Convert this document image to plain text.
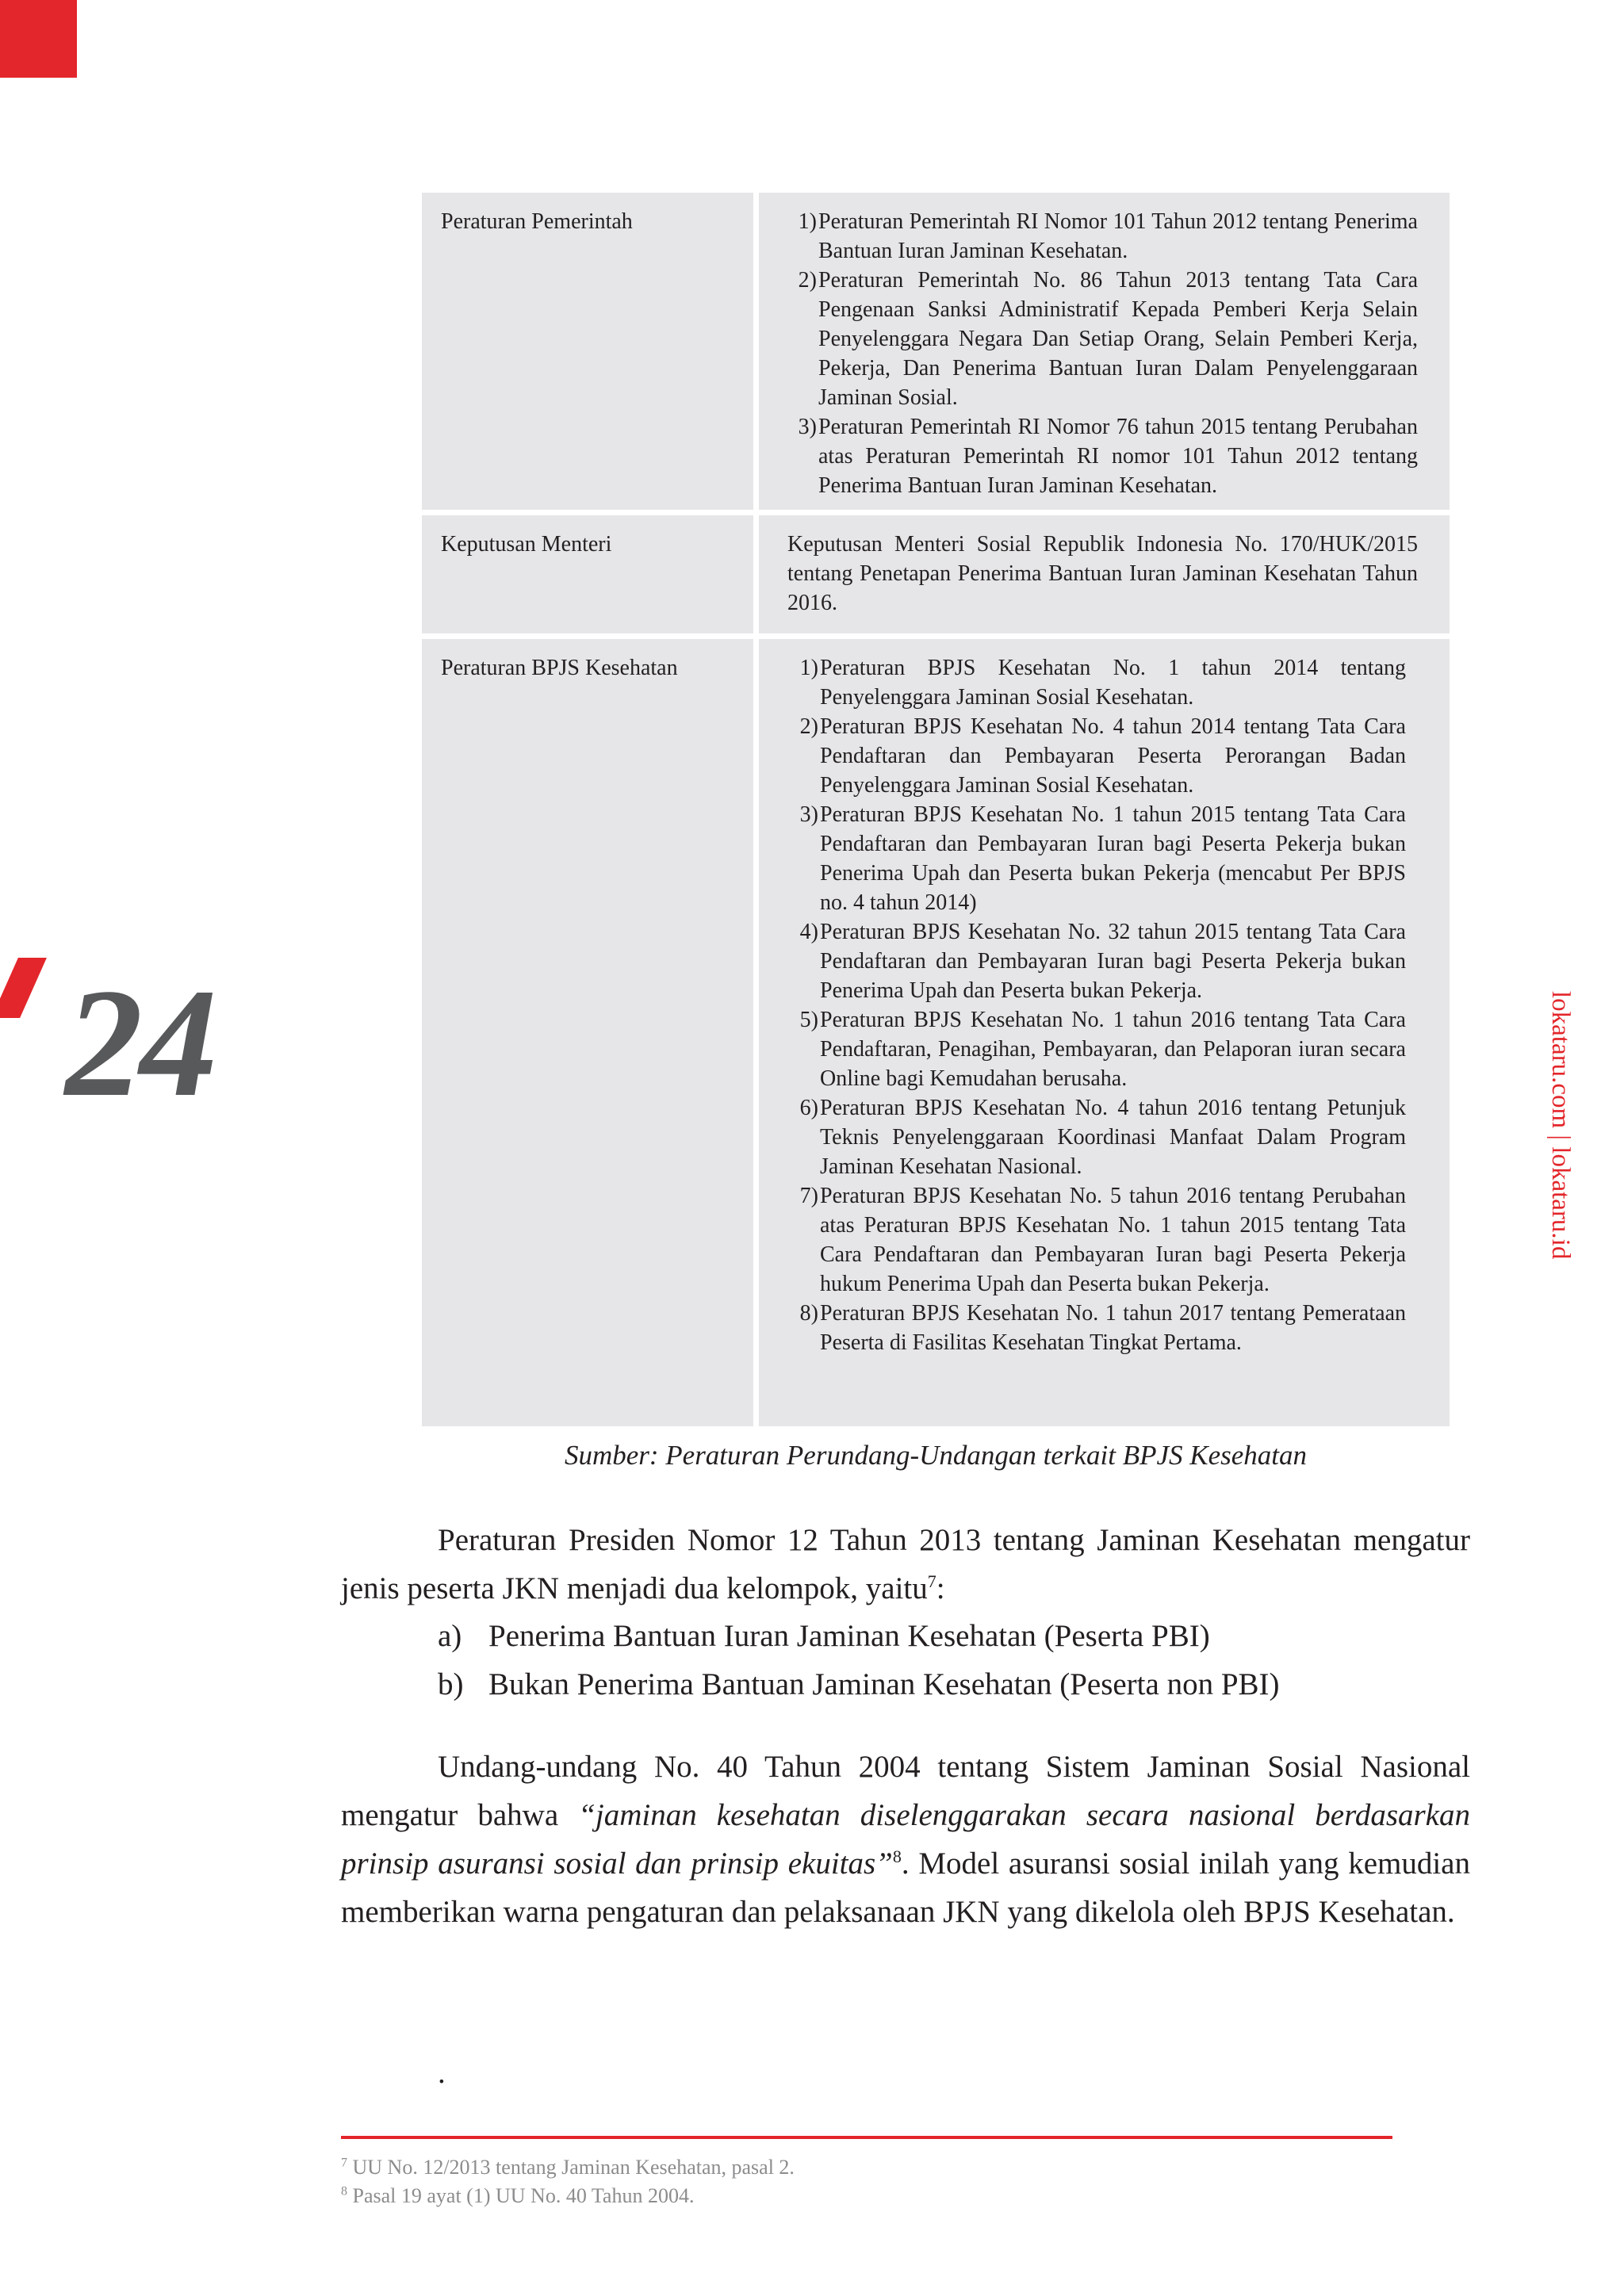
24	lokataru.com | lokataru.id
Peraturan Pemerintah	1) Peraturan Pemerintah RI Nomor 101 Tahun 2012 tentang Penerima Bantuan Iuran Jaminan Kesehatan.
2) Peraturan Pemerintah No. 86 Tahun 2013 tentang Tata Cara Pengenaan Sanksi Administratif Kepada Pemberi Kerja Selain Penyelenggara Negara Dan Setiap Orang, Selain Pemberi Kerja, Pekerja, Dan Penerima Bantuan Iuran Dalam Penyelenggaraan Jaminan Sosial.
3) Peraturan Pemerintah RI Nomor 76 tahun 2015 tentang Perubahan atas Peraturan Pemerintah RI nomor 101 Tahun 2012 tentang Penerima Bantuan Iuran Jaminan Kesehatan.
Keputusan Menteri	Keputusan Menteri Sosial Republik Indonesia No. 170/HUK/2015 tentang Penetapan Penerima Bantuan Iuran Jaminan Kesehatan Tahun 2016.
Peraturan BPJS Kesehatan	1) Peraturan BPJS Kesehatan No. 1 tahun 2014 tentang Penyelenggara Jaminan Sosial Kesehatan.
2) Peraturan BPJS Kesehatan No. 4 tahun 2014 tentang Tata Cara Pendaftaran dan Pembayaran Peserta Perorangan Badan Penyelenggara Jaminan Sosial Kesehatan.
3) Peraturan BPJS Kesehatan No. 1 tahun 2015 tentang Tata Cara Pendaftaran dan Pembayaran Iuran bagi Peserta Pekerja bukan Penerima Upah dan Peserta bukan Pekerja (mencabut Per BPJS no. 4 tahun 2014)
4) Peraturan BPJS Kesehatan No. 32 tahun 2015 tentang Tata Cara Pendaftaran dan Pembayaran Iuran bagi Peserta Pekerja bukan Penerima Upah dan Peserta bukan Pekerja.
5) Peraturan BPJS Kesehatan No. 1 tahun 2016 tentang Tata Cara Pendaftaran, Penagihan, Pembayaran, dan Pelaporan iuran secara Online bagi Kemudahan berusaha.
6) Peraturan BPJS Kesehatan No. 4 tahun 2016 tentang Petunjuk Teknis Penyelenggaraan Koordinasi Manfaat Dalam Program Jaminan Kesehatan Nasional.
7) Peraturan BPJS Kesehatan No. 5 tahun 2016 tentang Perubahan atas Peraturan BPJS Kesehatan No. 1 tahun 2015 tentang Tata Cara Pendaftaran dan Pembayaran Iuran bagi Peserta Pekerja hukum Penerima Upah dan Peserta bukan Pekerja.
8) Peraturan BPJS Kesehatan No. 1 tahun 2017 tentang Pemerataan Peserta di Fasilitas Kesehatan Tingkat Pertama.
Sumber: Peraturan Perundang-Undangan terkait BPJS Kesehatan

Peraturan Presiden Nomor 12 Tahun 2013 tentang Jaminan Kesehatan mengatur jenis peserta JKN menjadi dua kelompok, yaitu$^7$:

a) Penerima Bantuan Iuran Jaminan Kesehatan (Peserta PBI)
b) Bukan Penerima Bantuan Jaminan Kesehatan (Peserta non PBI)

Undang-undang No. 40 Tahun 2004 tentang Sistem Jaminan Sosial Nasional mengatur bahwa “jaminan kesehatan diselenggarakan secara nasional berdasarkan prinsip asuransi sosial dan prinsip ekuitas”$^8$. Model asuransi sosial inilah yang kemudian memberikan warna pengaturan dan pelaksanaan JKN yang dikelola oleh BPJS Kesehatan.

.
$^7$ UU No. 12/2013 tentang Jaminan Kesehatan, pasal 2.
$^8$ Pasal 19 ayat (1) UU No. 40 Tahun 2004.
